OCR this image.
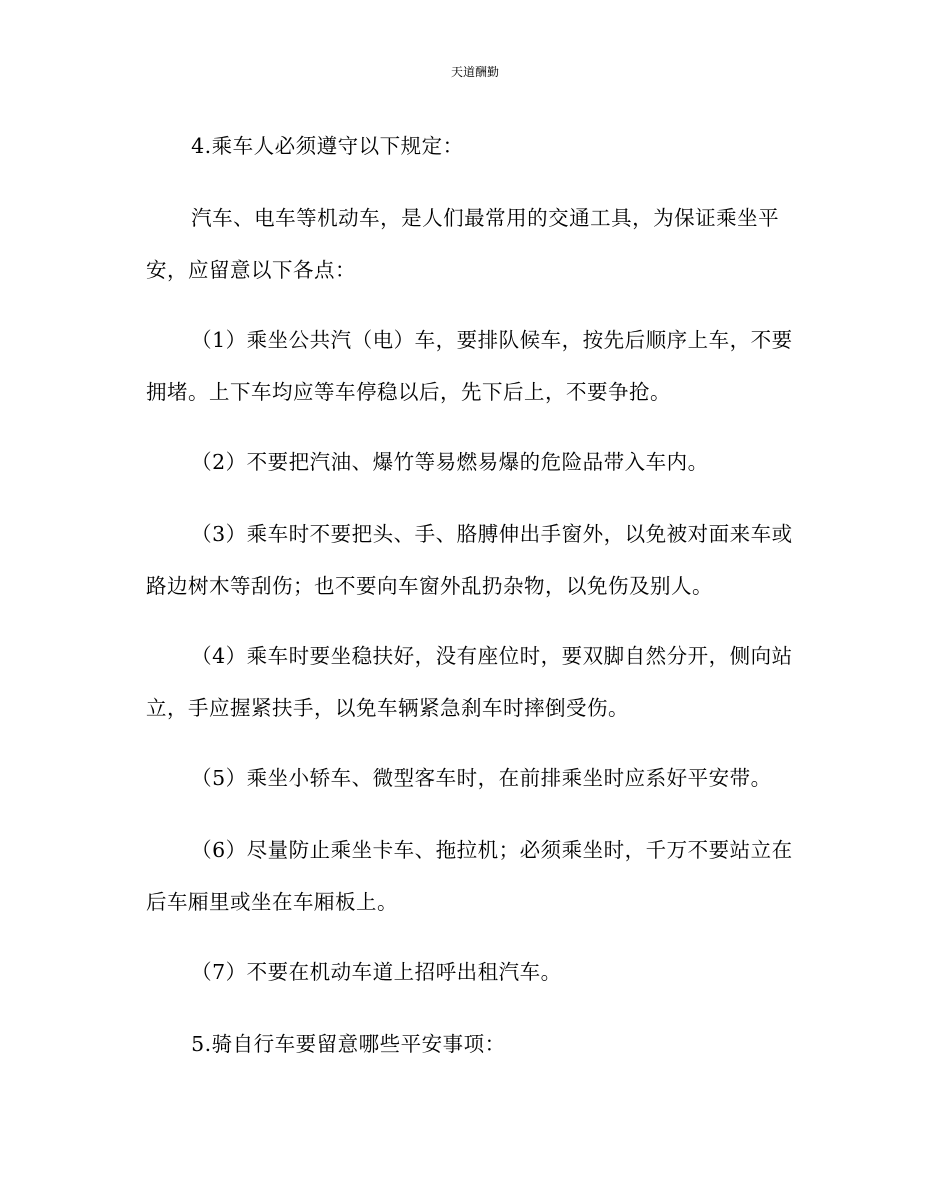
天道酬勤

4.乘车人必须遵守以下规定：

汽车、电车等机动车，是人们最常用的交通工具，为保证乘坐平安，应留意以下各点：

（1）乘坐公共汽（电）车，要排队候车，按先后顺序上车，不要拥堵。上下车均应等车停稳以后，先下后上，不要争抢。

（2）不要把汽油、爆竹等易燃易爆的危险品带入车内。

（3）乘车时不要把头、手、胳膊伸出手窗外，以免被对面来车或路边树木等刮伤；也不要向车窗外乱扔杂物，以免伤及别人。

（4）乘车时要坐稳扶好，没有座位时，要双脚自然分开，侧向站立，手应握紧扶手，以免车辆紧急刹车时摔倒受伤。

（5）乘坐小轿车、微型客车时，在前排乘坐时应系好平安带。

（6）尽量防止乘坐卡车、拖拉机；必须乘坐时，千万不要站立在后车厢里或坐在车厢板上。

（7）不要在机动车道上招呼出租汽车。

5.骑自行车要留意哪些平安事项：
